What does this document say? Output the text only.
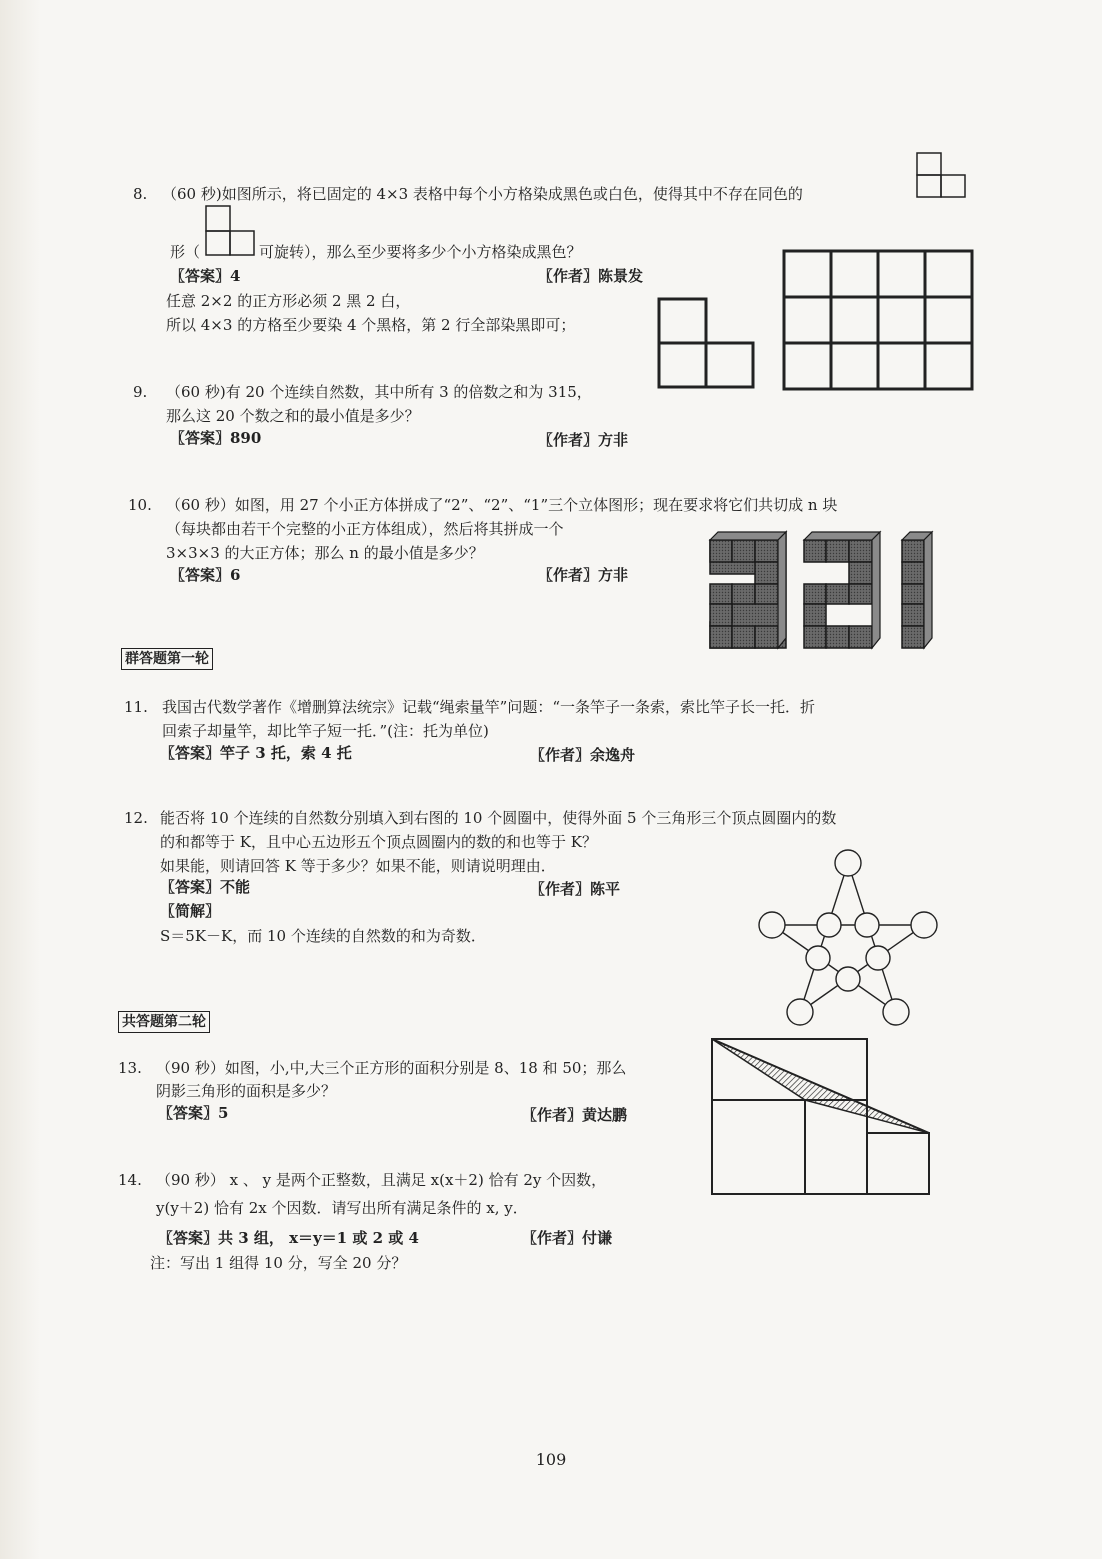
8. （60 秒)如图所示，将已固定的 4×3 表格中每个小方格染成黑色或白色，使得其中不存在同色的
形（	可旋转），那么至少要将多少个小方格染成黑色？
〖答案〗4	〖作者〗陈景发
任意 2×2 的正方形必须 2 黑 2 白，
所以 4×3 的方格至少要染 4 个黑格，第 2 行全部染黑即可；
9. （60 秒)有 20 个连续自然数，其中所有 3 的倍数之和为 315，
那么这 20 个数之和的最小值是多少？
〖答案〗890	〖作者〗方非
10. （60 秒）如图，用 27 个小正方体拼成了“2”、“2”、“1”三个立体图形；现在要求将它们共切成 n 块
（每块都由若干个完整的小正方体组成），然后将其拼成一个
3×3×3 的大正方体；那么 n 的最小值是多少？
〖答案〗6	〖作者〗方非
群答题第一轮
11. 我国古代数学著作《增删算法统宗》记载“绳索量竿”问题：“一条竿子一条索，索比竿子长一托．折
回索子却量竿，却比竿子短一托．”(注：托为单位)
〖答案〗竿子 3 托，索 4 托	〖作者〗余逸舟
12. 能否将 10 个连续的自然数分别填入到右图的 10 个圆圈中，使得外面 5 个三角形三个顶点圆圈内的数
的和都等于 K，且中心五边形五个顶点圆圈内的数的和也等于 K？
如果能，则请回答 K 等于多少？如果不能，则请说明理由．
〖答案〗不能	〖作者〗陈平
〖简解〗
S＝5K－K，而 10 个连续的自然数的和为奇数．
共答题第二轮
13. （90 秒）如图，小,中,大三个正方形的面积分别是 8、18 和 50；那么
阴影三角形的面积是多少？
〖答案〗5	〖作者〗黄达鹏
14. （90 秒） x 、 y 是两个正整数，且满足 x(x＋2) 恰有 2y 个因数，
y(y＋2) 恰有 2x 个因数．请写出所有满足条件的 x, y．
〖答案〗共 3 组， x＝y＝1 或 2 或 4	〖作者〗付谦
注：写出 1 组得 10 分，写全 20 分？
109
